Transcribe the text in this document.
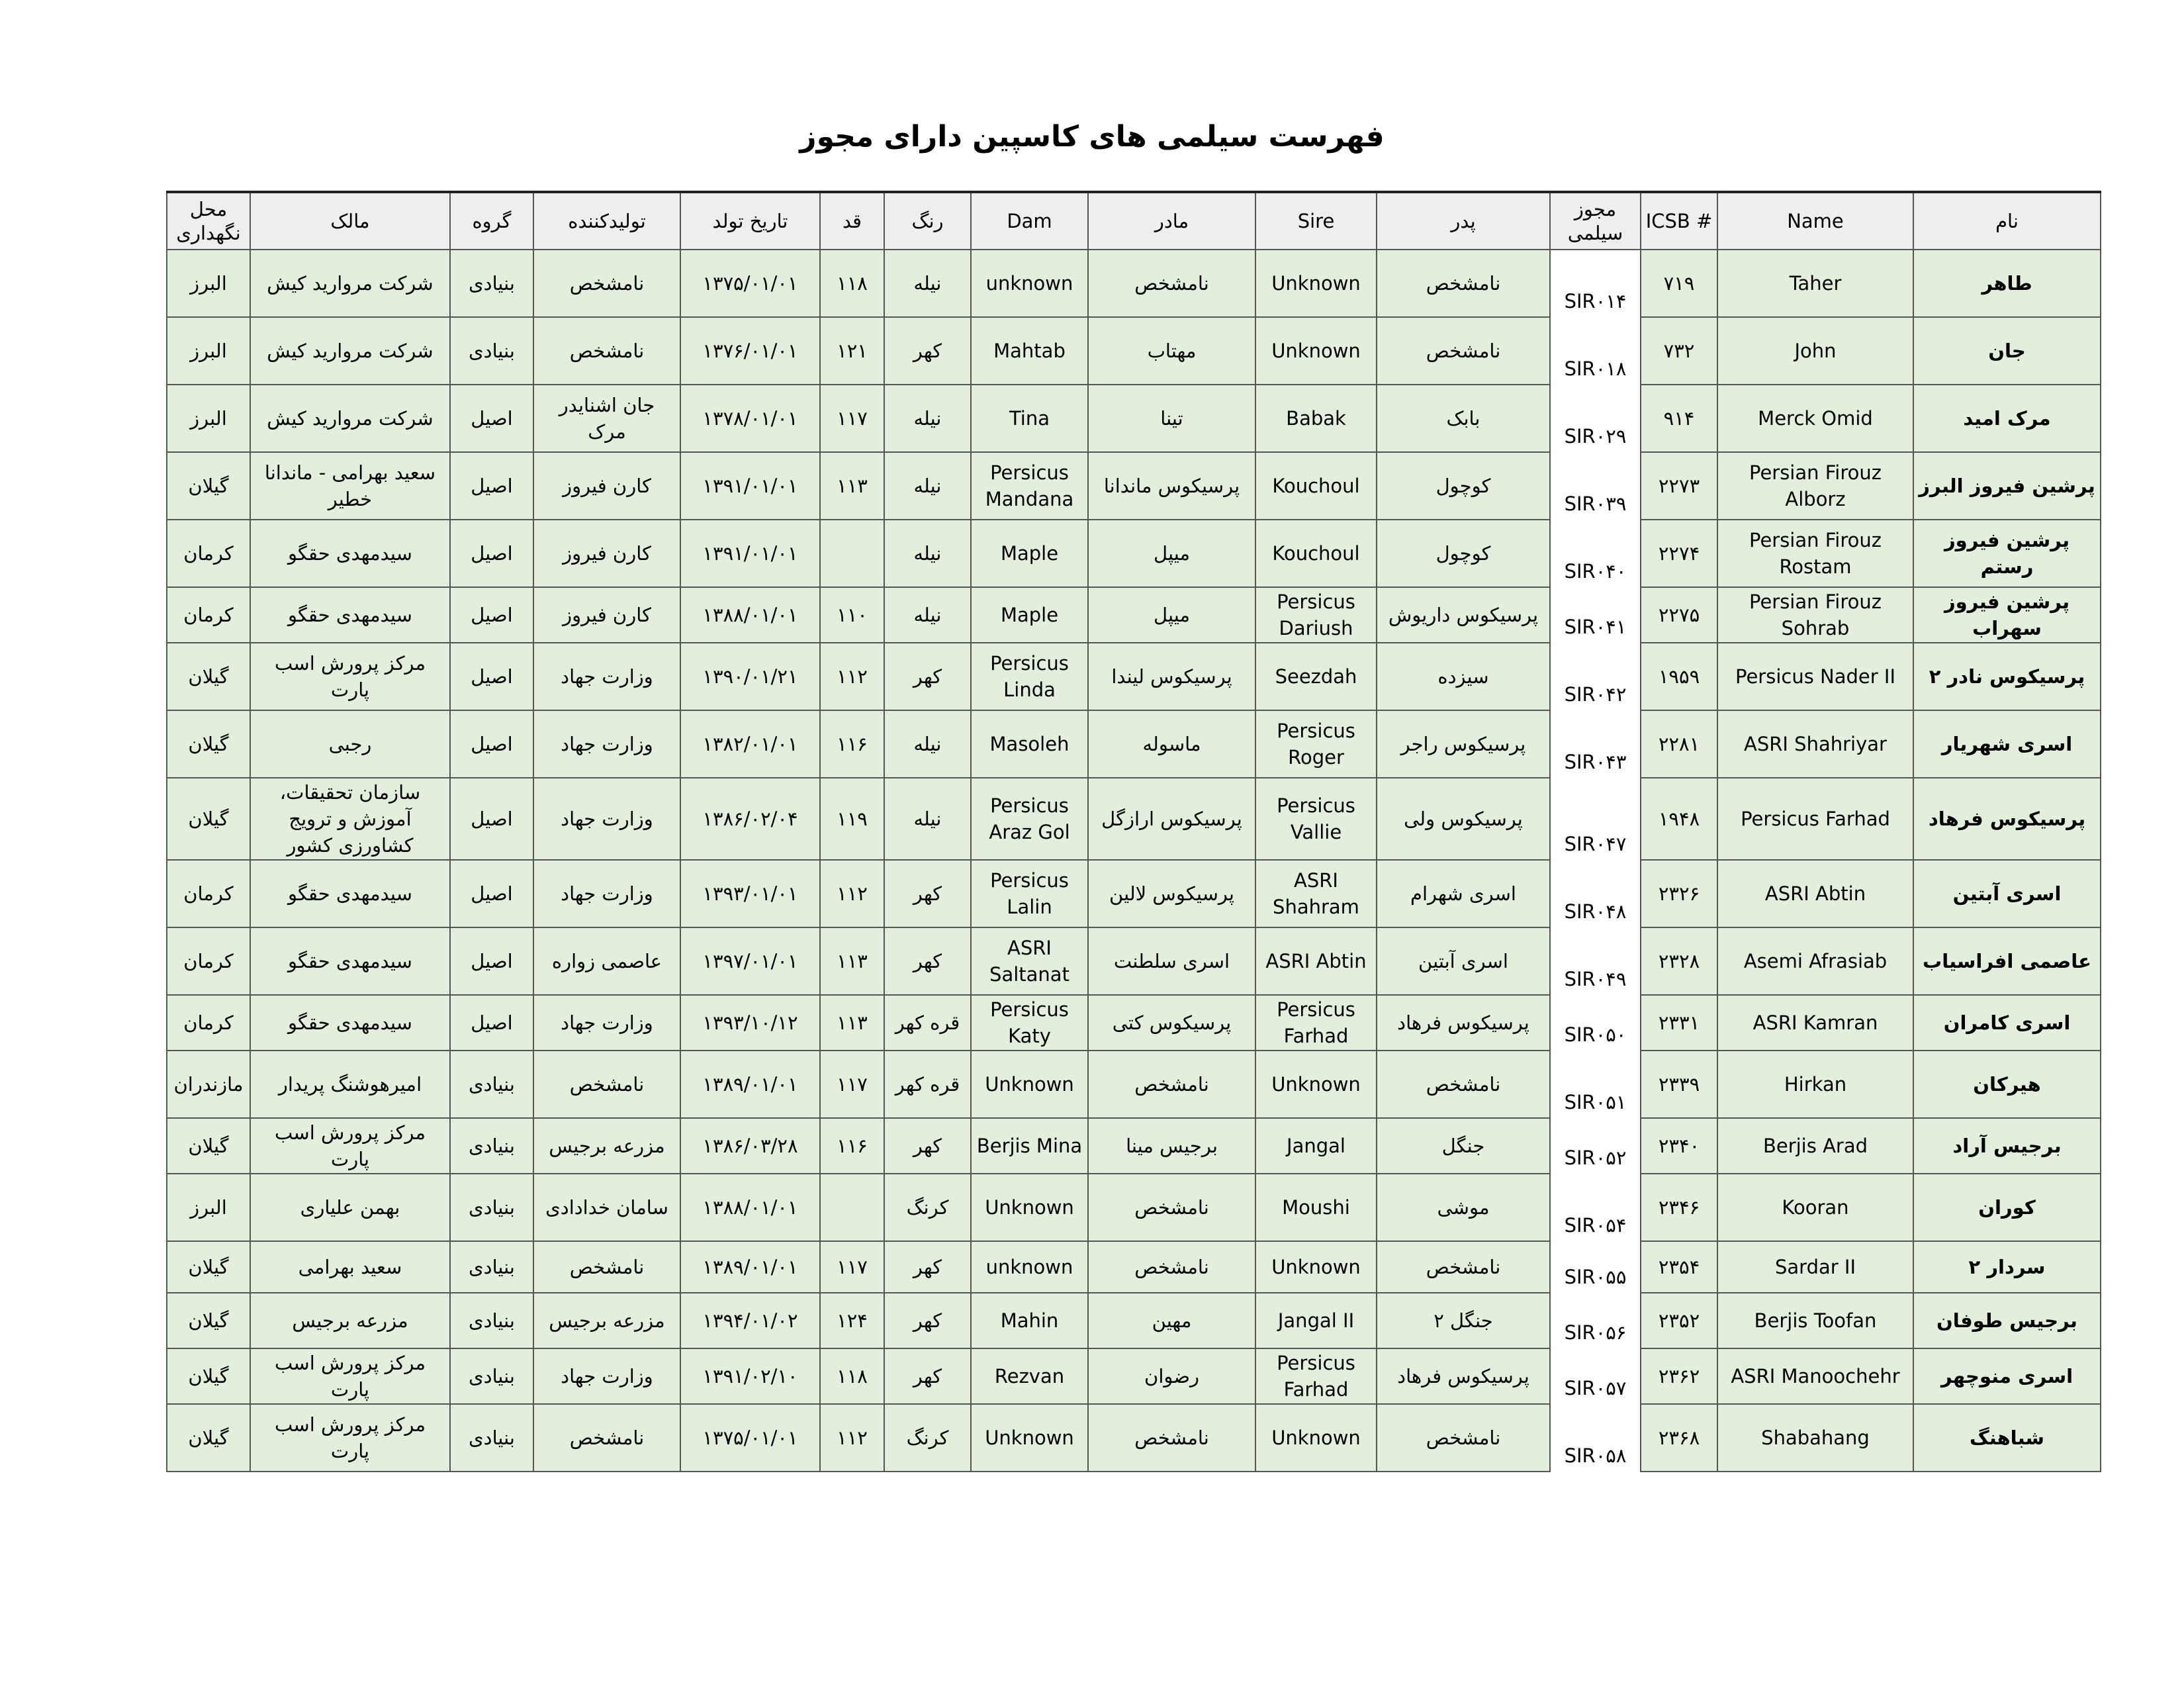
فهرست سیلمی های کاسپین دارای مجوز
نام	Name	ICSB #	مجوز سیلمی	پدر	Sire	مادر	Dam	رنگ	قد	تاریخ تولد	تولیدکننده	گروه	مالک	محل نگهداری
طاهر	Taher	۷۱۹	SIR۰۱۴	نامشخص	Unknown	نامشخص	unknown	نیله	۱۱۸	۱۳۷۵/۰۱/۰۱	نامشخص	بنیادی	شرکت مروارید کیش	البرز
جان	John	۷۳۲	SIR۰۱۸	نامشخص	Unknown	مهتاب	Mahtab	کهر	۱۲۱	۱۳۷۶/۰۱/۰۱	نامشخص	بنیادی	شرکت مروارید کیش	البرز
مرک امید	Merck Omid	۹۱۴	SIR۰۲۹	بابک	Babak	تینا	Tina	نیله	۱۱۷	۱۳۷۸/۰۱/۰۱	جان اشنایدر مرک	اصیل	شرکت مروارید کیش	البرز
پرشین فیروز البرز	Persian Firouz Alborz	۲۲۷۳	SIR۰۳۹	کوچول	Kouchoul	پرسیکوس ماندانا	Persicus Mandana	نیله	۱۱۳	۱۳۹۱/۰۱/۰۱	کارن فیروز	اصیل	سعید بهرامی - ماندانا خطیر	گیلان
پرشین فیروز رستم	Persian Firouz Rostam	۲۲۷۴	SIR۰۴۰	کوچول	Kouchoul	میپل	Maple	نیله		۱۳۹۱/۰۱/۰۱	کارن فیروز	اصیل	سیدمهدی حقگو	کرمان
پرشین فیروز سهراب	Persian Firouz Sohrab	۲۲۷۵	SIR۰۴۱	پرسیکوس داریوش	Persicus Dariush	میپل	Maple	نیله	۱۱۰	۱۳۸۸/۰۱/۰۱	کارن فیروز	اصیل	سیدمهدی حقگو	کرمان
پرسیکوس نادر ۲	Persicus Nader II	۱۹۵۹	SIR۰۴۲	سیزده	Seezdah	پرسیکوس لیندا	Persicus Linda	کهر	۱۱۲	۱۳۹۰/۰۱/۲۱	وزارت جهاد	اصیل	مرکز پرورش اسب پارت	گیلان
اسری شهریار	ASRI Shahriyar	۲۲۸۱	SIR۰۴۳	پرسیکوس راجر	Persicus Roger	ماسوله	Masoleh	نیله	۱۱۶	۱۳۸۲/۰۱/۰۱	وزارت جهاد	اصیل	رجبی	گیلان
پرسیکوس فرهاد	Persicus Farhad	۱۹۴۸	SIR۰۴۷	پرسیکوس ولی	Persicus Vallie	پرسیکوس ارازگل	Persicus Araz Gol	نیله	۱۱۹	۱۳۸۶/۰۲/۰۴	وزارت جهاد	اصیل	سازمان تحقیقات، آموزش و ترویج کشاورزی کشور	گیلان
اسری آبتین	ASRI Abtin	۲۳۲۶	SIR۰۴۸	اسری شهرام	ASRI Shahram	پرسیکوس لالین	Persicus Lalin	کهر	۱۱۲	۱۳۹۳/۰۱/۰۱	وزارت جهاد	اصیل	سیدمهدی حقگو	کرمان
عاصمی افراسیاب	Asemi Afrasiab	۲۳۲۸	SIR۰۴۹	اسری آبتین	ASRI Abtin	اسری سلطنت	ASRI Saltanat	کهر	۱۱۳	۱۳۹۷/۰۱/۰۱	عاصمی زواره	اصیل	سیدمهدی حقگو	کرمان
اسری کامران	ASRI Kamran	۲۳۳۱	SIR۰۵۰	پرسیکوس فرهاد	Persicus Farhad	پرسیکوس کتی	Persicus Katy	قره کهر	۱۱۳	۱۳۹۳/۱۰/۱۲	وزارت جهاد	اصیل	سیدمهدی حقگو	کرمان
هیرکان	Hirkan	۲۳۳۹	SIR۰۵۱	نامشخص	Unknown	نامشخص	Unknown	قره کهر	۱۱۷	۱۳۸۹/۰۱/۰۱	نامشخص	بنیادی	امیرهوشنگ پریدار	مازندران
برجیس آراد	Berjis Arad	۲۳۴۰	SIR۰۵۲	جنگل	Jangal	برجیس مینا	Berjis Mina	کهر	۱۱۶	۱۳۸۶/۰۳/۲۸	مزرعه برجیس	بنیادی	مرکز پرورش اسب پارت	گیلان
کوران	Kooran	۲۳۴۶	SIR۰۵۴	موشی	Moushi	نامشخص	Unknown	کرنگ		۱۳۸۸/۰۱/۰۱	سامان خدادادی	بنیادی	بهمن علیاری	البرز
سردار ۲	Sardar II	۲۳۵۴	SIR۰۵۵	نامشخص	Unknown	نامشخص	unknown	کهر	۱۱۷	۱۳۸۹/۰۱/۰۱	نامشخص	بنیادی	سعید بهرامی	گیلان
برجیس طوفان	Berjis Toofan	۲۳۵۲	SIR۰۵۶	جنگل ۲	Jangal II	مهین	Mahin	کهر	۱۲۴	۱۳۹۴/۰۱/۰۲	مزرعه برجیس	بنیادی	مزرعه برجیس	گیلان
اسری منوچهر	ASRI Manoochehr	۲۳۶۲	SIR۰۵۷	پرسیکوس فرهاد	Persicus Farhad	رضوان	Rezvan	کهر	۱۱۸	۱۳۹۱/۰۲/۱۰	وزارت جهاد	بنیادی	مرکز پرورش اسب پارت	گیلان
شباهنگ	Shabahang	۲۳۶۸	SIR۰۵۸	نامشخص	Unknown	نامشخص	Unknown	کرنگ	۱۱۲	۱۳۷۵/۰۱/۰۱	نامشخص	بنیادی	مرکز پرورش اسب پارت	گیلان
